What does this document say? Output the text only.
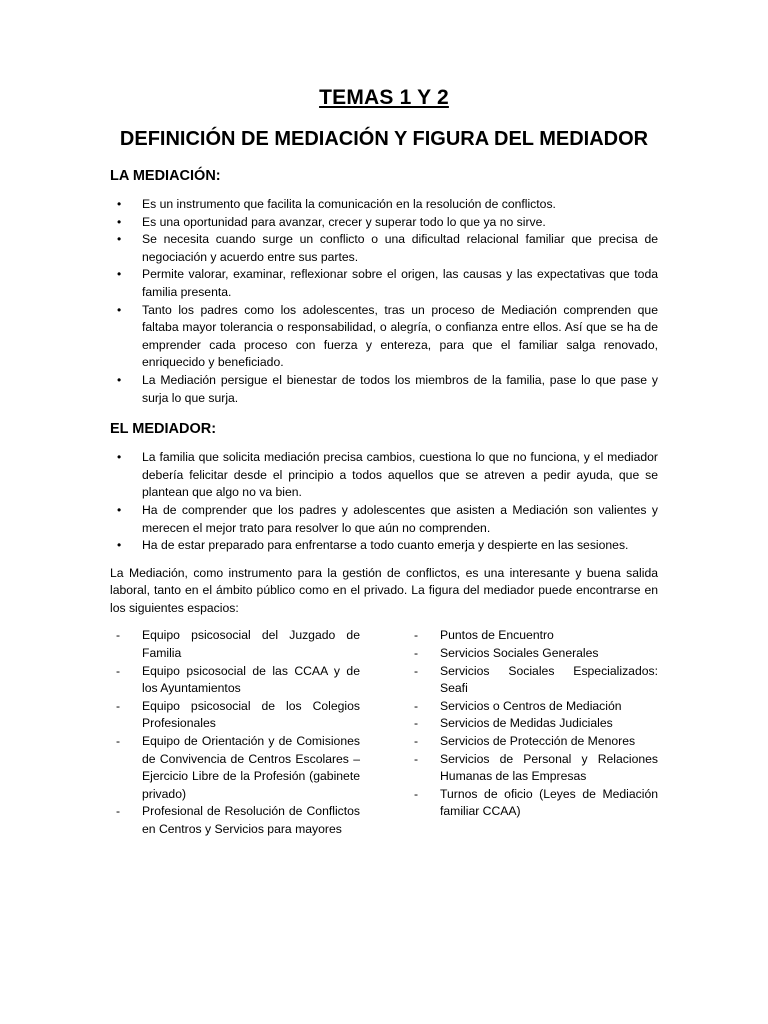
TEMAS 1 Y 2
DEFINICIÓN DE MEDIACIÓN Y FIGURA DEL MEDIADOR
LA MEDIACIÓN:
• Es un instrumento que facilita la comunicación en la resolución de conflictos.
• Es una oportunidad para avanzar, crecer y superar todo lo que ya no sirve.
• Se necesita cuando surge un conflicto o una dificultad relacional familiar que precisa de negociación y acuerdo entre sus partes.
• Permite valorar, examinar, reflexionar sobre el origen, las causas y las expectativas que toda familia presenta.
• Tanto los padres como los adolescentes, tras un proceso de Mediación comprenden que faltaba mayor tolerancia o responsabilidad, o alegría, o confianza entre ellos. Así que se ha de emprender cada proceso con fuerza y entereza, para que el familiar salga renovado, enriquecido y beneficiado.
• La Mediación persigue el bienestar de todos los miembros de la familia, pase lo que pase y surja lo que surja.
EL MEDIADOR:
• La familia que solicita mediación precisa cambios, cuestiona lo que no funciona, y el mediador debería felicitar desde el principio a todos aquellos que se atreven a pedir ayuda, que se plantean que algo no va bien.
• Ha de comprender que los padres y adolescentes que asisten a Mediación son valientes y merecen el mejor trato para resolver lo que aún no comprenden.
• Ha de estar preparado para enfrentarse a todo cuanto emerja y despierte en las sesiones.

La Mediación, como instrumento para la gestión de conflictos, es una interesante y buena salida laboral, tanto en el ámbito público como en el privado. La figura del mediador puede encontrarse en los siguientes espacios:

- Equipo psicosocial del Juzgado de Familia
- Equipo psicosocial de las CCAA y de los Ayuntamientos
- Equipo psicosocial de los Colegios Profesionales
- Equipo de Orientación y de Comisiones de Convivencia de Centros Escolares – Ejercicio Libre de la Profesión (gabinete privado)
- Profesional de Resolución de Conflictos en Centros y Servicios para mayores
- Puntos de Encuentro
- Servicios Sociales Generales
- Servicios Sociales Especializados: Seafi
- Servicios o Centros de Mediación
- Servicios de Medidas Judiciales
- Servicios de Protección de Menores
- Servicios de Personal y Relaciones Humanas de las Empresas
- Turnos de oficio (Leyes de Mediación familiar CCAA)
